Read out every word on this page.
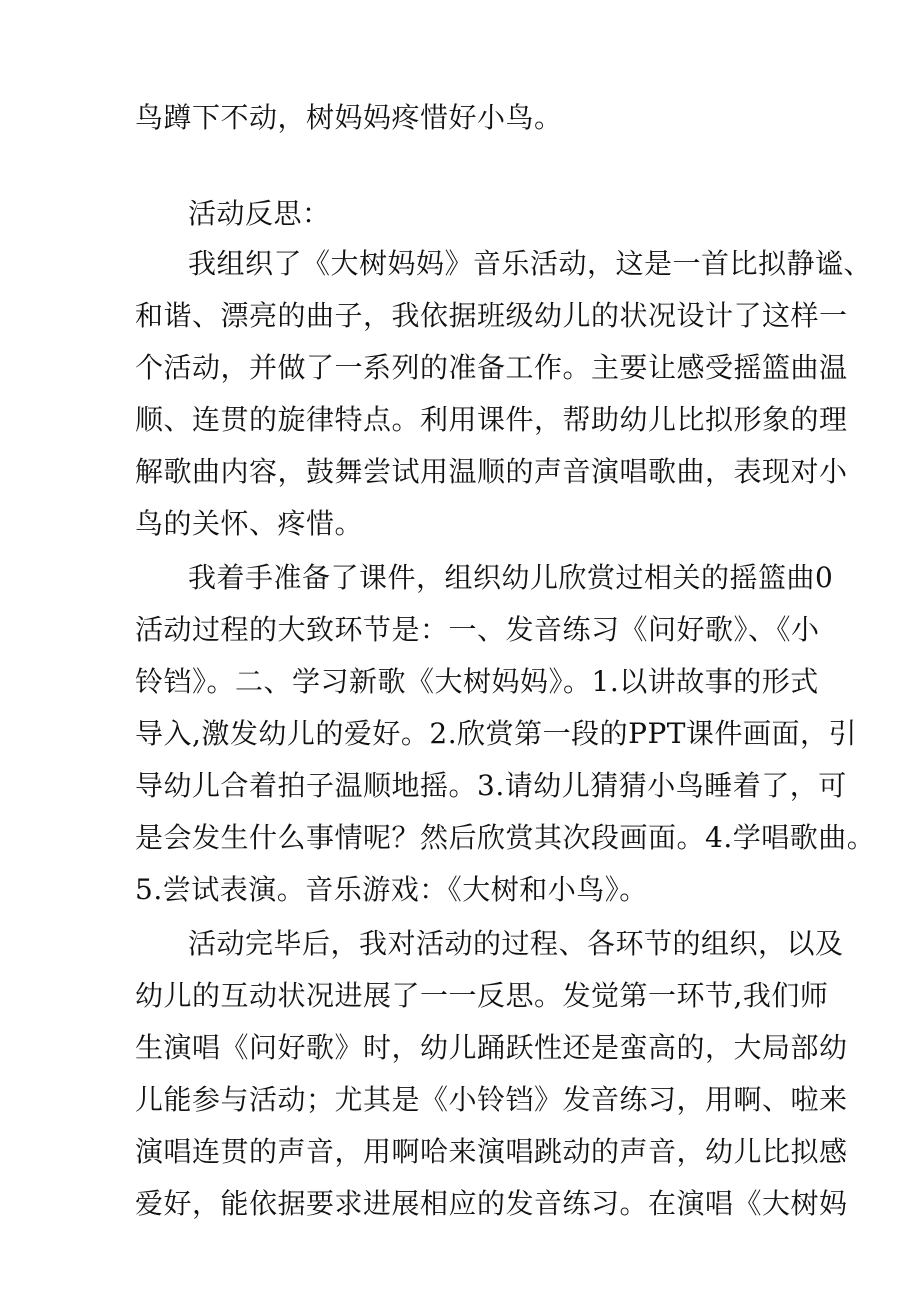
鸟蹲下不动，树妈妈疼惜好小鸟。
活动反思：
我组织了《大树妈妈》音乐活动，这是一首比拟静谧、
和谐、漂亮的曲子，我依据班级幼儿的状况设计了这样一
个活动，并做了一系列的准备工作。主要让感受摇篮曲温
顺、连贯的旋律特点。利用课件，帮助幼儿比拟形象的理
解歌曲内容，鼓舞尝试用温顺的声音演唱歌曲，表现对小
鸟的关怀、疼惜。
我着手准备了课件，组织幼儿欣赏过相关的摇篮曲0
活动过程的大致环节是：一、发音练习《问好歌》、《小
铃铛》。二、学习新歌《大树妈妈》。1.以讲故事的形式
导入,激发幼儿的爱好。2.欣赏第一段的PPT课件画面，引
导幼儿合着拍子温顺地摇。3.请幼儿猜猜小鸟睡着了，可
是会发生什么事情呢？然后欣赏其次段画面。4.学唱歌曲。
5.尝试表演。音乐游戏：《大树和小鸟》。
活动完毕后，我对活动的过程、各环节的组织，以及
幼儿的互动状况进展了一一反思。发觉第一环节,我们师
生演唱《问好歌》时，幼儿踊跃性还是蛮高的，大局部幼
儿能参与活动；尤其是《小铃铛》发音练习，用啊、啦来
演唱连贯的声音，用啊哈来演唱跳动的声音，幼儿比拟感
爱好，能依据要求进展相应的发音练习。在演唱《大树妈
